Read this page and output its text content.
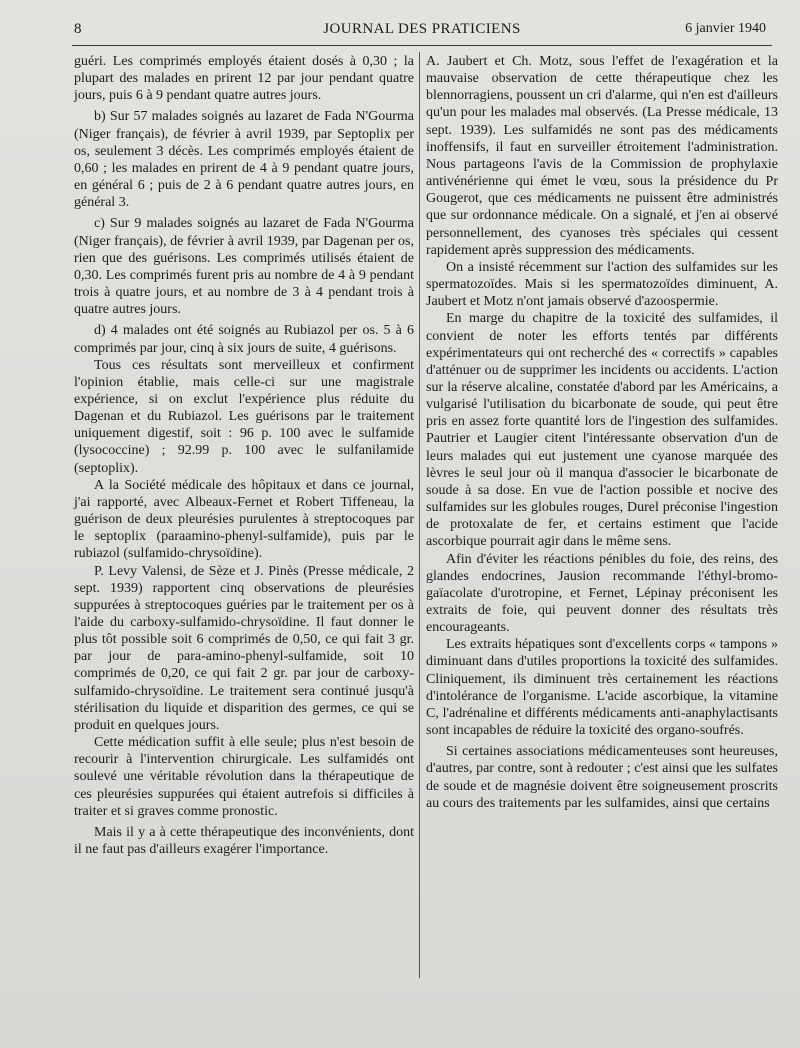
8	JOURNAL DES PRATICIENS	6 janvier 1940

guéri. Les comprimés employés étaient dosés à 0,30 ; la plupart des malades en prirent 12 par jour pendant quatre jours, puis 6 à 9 pendant quatre autres jours.

b) Sur 57 malades soignés au lazaret de Fada N'Gourma (Niger français), de février à avril 1939, par Septoplix per os, seulement 3 décès. Les comprimés employés étaient de 0,60 ; les malades en prirent de 4 à 9 pendant quatre jours, en général 6 ; puis de 2 à 6 pendant quatre autres jours, en général 3.

c) Sur 9 malades soignés au lazaret de Fada N'Gourma (Niger français), de février à avril 1939, par Dagenan per os, rien que des guérisons. Les comprimés utilisés étaient de 0,30. Les comprimés furent pris au nombre de 4 à 9 pendant trois à quatre jours, et au nombre de 3 à 4 pendant trois à quatre autres jours.

d) 4 malades ont été soignés au Rubiazol per os. 5 à 6 comprimés par jour, cinq à six jours de suite, 4 guérisons.

Tous ces résultats sont merveilleux et confirment l'opinion établie, mais celle-ci sur une magistrale expérience, si on exclut l'expérience plus réduite du Dagenan et du Rubiazol. Les guérisons par le traitement uniquement digestif, soit : 96 p. 100 avec le sulfamide (lysococcine) ; 92.99 p. 100 avec le sulfanilamide (septoplix).

A la Société médicale des hôpitaux et dans ce journal, j'ai rapporté, avec Albeaux-Fernet et Robert Tiffeneau, la guérison de deux pleurésies purulentes à streptocoques par le septoplix (paraamino-phenyl-sulfamide), puis par le rubiazol (sulfamido-chrysoïdine).

P. Levy Valensi, de Sèze et J. Pinès (Presse médicale, 2 sept. 1939) rapportent cinq observations de pleurésies suppurées à streptocoques guéries par le traitement per os à l'aide du carboxy-sulfamido-chrysoïdine. Il faut donner le plus tôt possible soit 6 comprimés de 0,50, ce qui fait 3 gr. par jour de para-amino-phenyl-sulfamide, soit 10 comprimés de 0,20, ce qui fait 2 gr. par jour de carboxy-sulfamido-chrysoïdine. Le traitement sera continué jusqu'à stérilisation du liquide et disparition des germes, ce qui se produit en quelques jours.

Cette médication suffit à elle seule; plus n'est besoin de recourir à l'intervention chirurgicale. Les sulfamidés ont soulevé une véritable révolution dans la thérapeutique de ces pleurésies suppurées qui étaient autrefois si difficiles à traiter et si graves comme pronostic.

Mais il y a à cette thérapeutique des inconvénients, dont il ne faut pas d'ailleurs exagérer l'importance.

A. Jaubert et Ch. Motz, sous l'effet de l'exagération et la mauvaise observation de cette thérapeutique chez les blennorragiens, poussent un cri d'alarme, qui n'en est d'ailleurs qu'un pour les malades mal observés. (La Presse médicale, 13 sept. 1939). Les sulfamidés ne sont pas des médicaments inoffensifs, il faut en surveiller étroitement l'administration. Nous partageons l'avis de la Commission de prophylaxie antivénérienne qui émet le vœu, sous la présidence du Pr Gougerot, que ces médicaments ne puissent être administrés que sur ordonnance médicale. On a signalé, et j'en ai observé personnellement, des cyanoses très spéciales qui cessent rapidement après suppression des médicaments.

On a insisté récemment sur l'action des sulfamides sur les spermatozoïdes. Mais si les spermatozoïdes diminuent, A. Jaubert et Motz n'ont jamais observé d'azoospermie.

En marge du chapitre de la toxicité des sulfamides, il convient de noter les efforts tentés par différents expérimentateurs qui ont recherché des « correctifs » capables d'atténuer ou de supprimer les incidents ou accidents. L'action sur la réserve alcaline, constatée d'abord par les Américains, a vulgarisé l'utilisation du bicarbonate de soude, qui peut être pris en assez forte quantité lors de l'ingestion des sulfamides. Pautrier et Laugier citent l'intéressante observation d'un de leurs malades qui eut justement une cyanose marquée des lèvres le seul jour où il manqua d'associer le bicarbonate de soude à sa dose. En vue de l'action possible et nocive des sulfamides sur les globules rouges, Durel préconise l'ingestion de protoxalate de fer, et certains estiment que l'acide ascorbique pourrait agir dans le même sens.

Afin d'éviter les réactions pénibles du foie, des reins, des glandes endocrines, Jausion recommande l'éthyl-bromo-gaïacolate d'urotropine, et Fernet, Lépinay préconisent les extraits de foie, qui peuvent donner des résultats très encourageants.

Les extraits hépatiques sont d'excellents corps « tampons » diminuant dans d'utiles proportions la toxicité des sulfamides. Cliniquement, ils diminuent très certainement les réactions d'intolérance de l'organisme. L'acide ascorbique, la vitamine C, l'adrénaline et différents médicaments anti-anaphylactisants sont incapables de réduire la toxicité des organo-soufrés.

Si certaines associations médicamenteuses sont heureuses, d'autres, par contre, sont à redouter ; c'est ainsi que les sulfates de soude et de magnésie doivent être soigneusement proscrits au cours des traitements par les sulfamides, ainsi que certains
